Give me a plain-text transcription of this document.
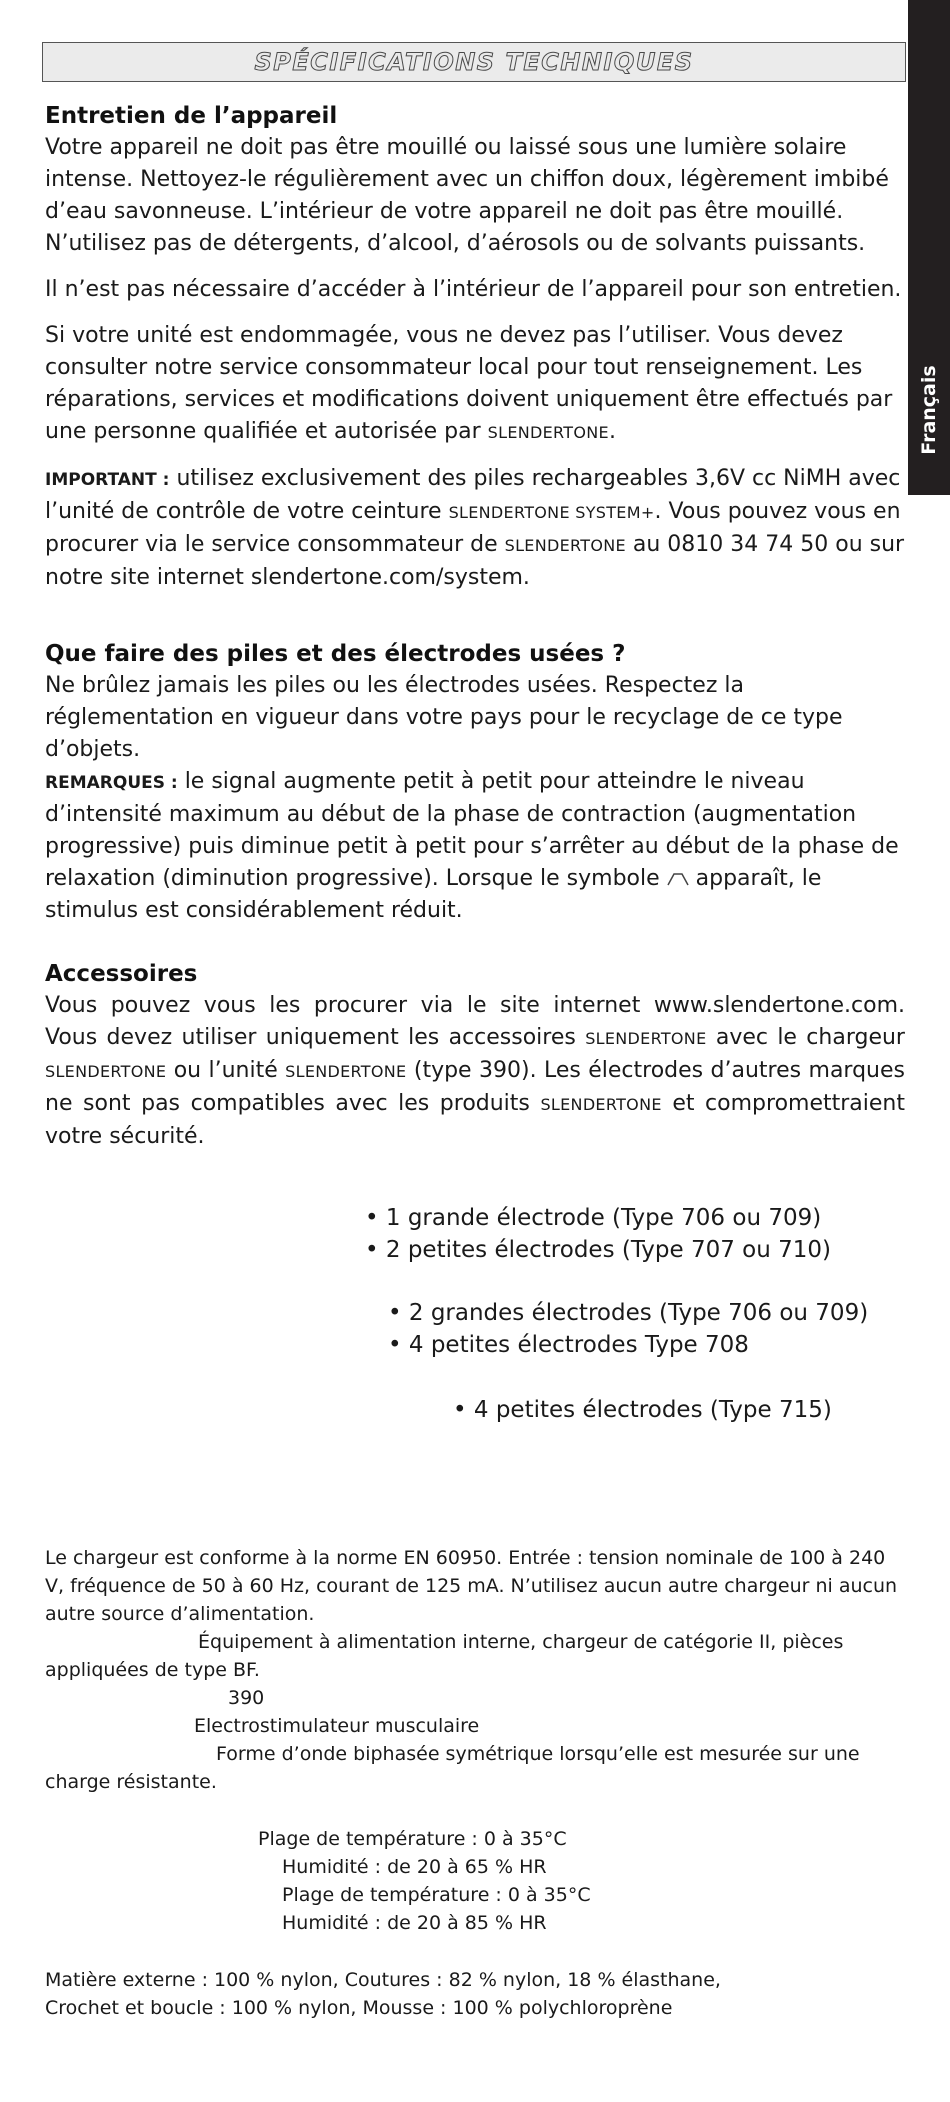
Français
SPÉCIFICATIONS TECHNIQUES
Entretien de l’appareil

Votre appareil ne doit pas être mouillé ou laissé sous une lumière solaire intense. Nettoyez-le régulièrement avec un chiffon doux, légèrement imbibé d’eau savonneuse. L’intérieur de votre appareil ne doit pas être mouillé. N’utilisez pas de détergents, d’alcool, d’aérosols ou de solvants puissants.

Il n’est pas nécessaire d’accéder à l’intérieur de l’appareil pour son entretien.

Si votre unité est endommagée, vous ne devez pas l’utiliser. Vous devez consulter notre service consommateur local pour tout renseignement. Les réparations, services et modifications doivent uniquement être effectués par une personne qualifiée et autorisée par SLENDERTONE.

IMPORTANT : utilisez exclusivement des piles rechargeables 3,6V cc NiMH avec l’unité de contrôle de votre ceinture SLENDERTONE SYSTEM+. Vous pouvez vous en procurer via le service consommateur de SLENDERTONE au 0810 34 74 50 ou sur notre site internet slendertone.com/system.

Que faire des piles et des électrodes usées ?

Ne brûlez jamais les piles ou les électrodes usées. Respectez la réglementation en vigueur dans votre pays pour le recyclage de ce type d’objets.

REMARQUES : le signal augmente petit à petit pour atteindre le niveau d’intensité maximum au début de la phase de contraction (augmentation progressive) puis diminue petit à petit pour s’arrêter au début de la phase de relaxation (diminution progressive). Lorsque le symbole  apparaît, le stimulus est considérablement réduit.

Accessoires

Vous pouvez vous les procurer via le site internet www.slendertone.com. Vous devez utiliser uniquement les accessoires SLENDERTONE avec le chargeur SLENDERTONE ou l’unité SLENDERTONE (type 390). Les électrodes d’autres marques ne sont pas compatibles avec les produits SLENDERTONE et compromettraient votre sécurité.

• 1 grande électrode (Type 706 ou 709)
• 2 petites électrodes (Type 707 ou 710)
• 2 grandes électrodes (Type 706 ou 709)
• 4 petites électrodes Type 708
• 4 petites électrodes (Type 715)
Le chargeur est conforme à la norme EN 60950. Entrée : tension nominale de 100 à 240 V, fréquence de 50 à 60 Hz, courant de 125 mA. N’utilisez aucun autre chargeur ni aucun autre source d’alimentation.
Équipement à alimentation interne, chargeur de catégorie II, pièces
appliquées de type BF.
390
Electrostimulateur musculaire
Forme d’onde biphasée symétrique lorsqu’elle est mesurée sur une
charge résistante.
Plage de température : 0 à 35°C
Humidité : de 20 à 65 % HR
Plage de température : 0 à 35°C
Humidité : de 20 à 85 % HR
Matière externe : 100 % nylon, Coutures : 82 % nylon, 18 % élasthane,
Crochet et boucle : 100 % nylon, Mousse : 100 % polychloroprène
